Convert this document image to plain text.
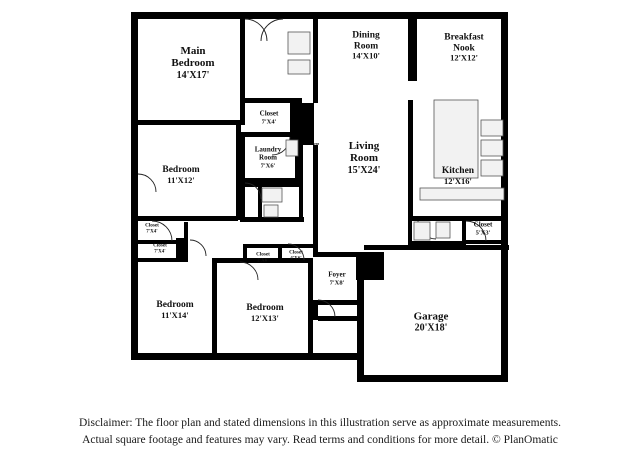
Main
Bedroom
14'X17'
Bedroom
11'X12'
Bedroom
11'X14'
Bedroom
12'X13'
Dining
Room
14'X10'
Breakfast
Nook
12'X12'
Living
Room
15'X24'	Kitchen
12'X16'
Garage
20'X18'
Foyer
7'X8'
Closet
7'X4'
Laundry
Room
7'X6'
Closet
5'X3'
Closet
7'X4'
Closet
7'X4'
Closet
2'X6'
Closet
4'X6'
FP
Disclaimer: The floor plan and stated dimensions in this illustration serve as approximate measurements.
Actual square footage and features may vary. Read terms and conditions for more detail. © PlanOmatic
